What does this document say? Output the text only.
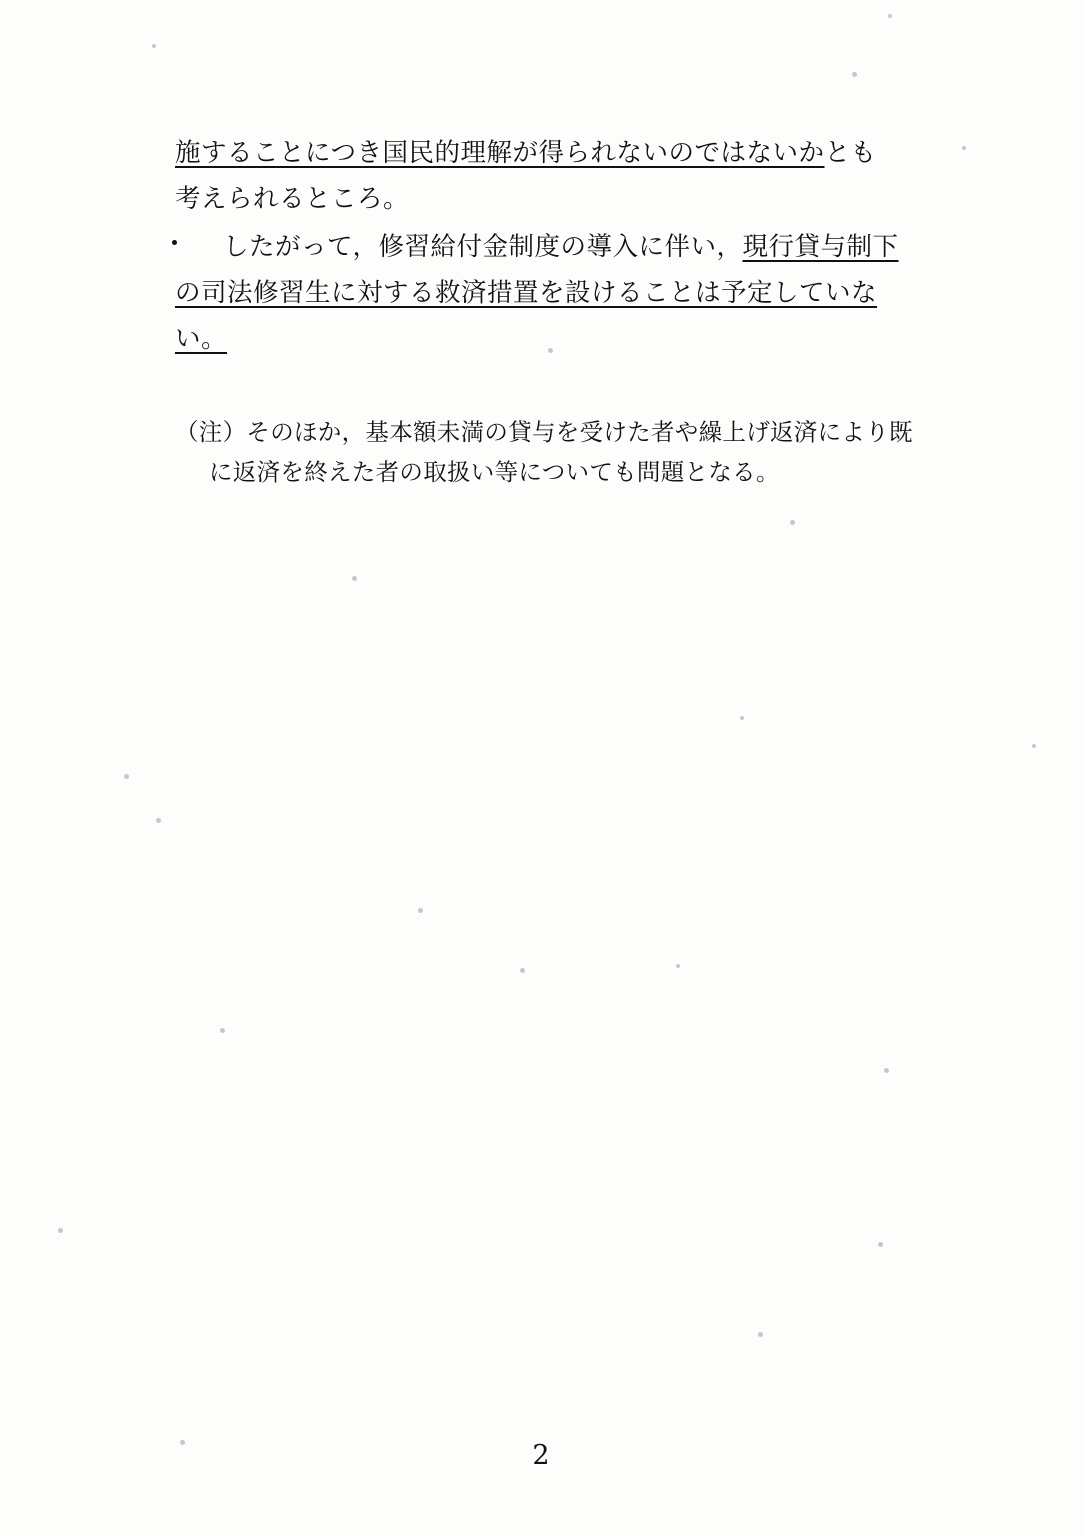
施することにつき国民的理解が得られないのではないかとも
考えられるところ。
したがって，修習給付金制度の導入に伴い，現行貸与制下
の司法修習生に対する救済措置を設けることは予定していな
い。
（注）そのほか，基本額未満の貸与を受けた者や繰上げ返済により既
に返済を終えた者の取扱い等についても問題となる。
2
